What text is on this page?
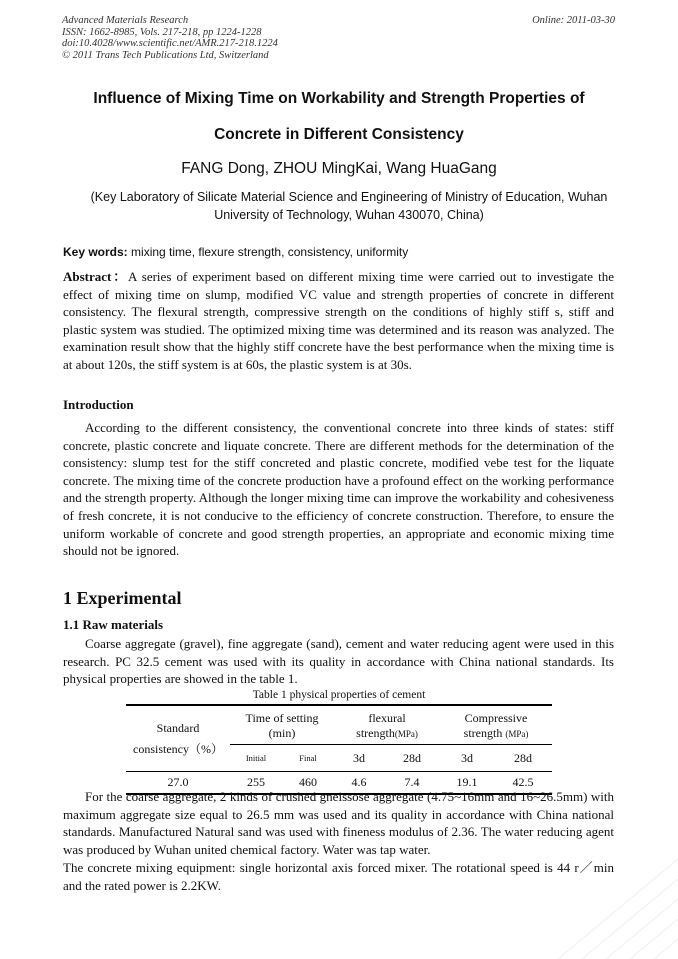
Advanced Materials Research
ISSN: 1662-8985, Vols. 217-218, pp 1224-1228
doi:10.4028/www.scientific.net/AMR.217-218.1224
© 2011 Trans Tech Publications Ltd, Switzerland
Online: 2011-03-30
Influence of Mixing Time on Workability and Strength Properties of
Concrete in Different Consistency
FANG Dong, ZHOU MingKai, Wang HuaGang
(Key Laboratory of Silicate Material Science and Engineering of Ministry of Education, Wuhan
University of Technology, Wuhan 430070, China)
Key words: mixing time, flexure strength, consistency, uniformity
Abstract：A series of experiment based on different mixing time were carried out to investigate the effect of mixing time on slump, modified VC value and strength properties of concrete in different consistency. The flexural strength, compressive strength on the conditions of highly stiff s, stiff and plastic system was studied. The optimized mixing time was determined and its reason was analyzed. The examination result show that the highly stiff concrete have the best performance when the mixing time is at about 120s, the stiff system is at 60s, the plastic system is at 30s.
Introduction
According to the different consistency, the conventional concrete into three kinds of states: stiff concrete, plastic concrete and liquate concrete. There are different methods for the determination of the consistency: slump test for the stiff concreted and plastic concrete, modified vebe test for the liquate concrete. The mixing time of the concrete production have a profound effect on the working performance and the strength property. Although the longer mixing time can improve the workability and cohesiveness of fresh concrete, it is not conducive to the efficiency of concrete construction. Therefore, to ensure the uniform workable of concrete and good strength properties, an appropriate and economic mixing time should not be ignored.
1 Experimental
1.1 Raw materials
Coarse aggregate (gravel), fine aggregate (sand), cement and water reducing agent were used in this research. PC 32.5 cement was used with its quality in accordance with China national standards. Its physical properties are showed in the table 1.
Table 1 physical properties of cement
Standard
consistency（%）	Time of setting		flexural		Compressive	
	(min)		strength(MPa)		strength (MPa)	
	Initial	Final	3d	28d	3d	28d
27.0	255	460	4.6	7.4	19.1	42.5
For the coarse aggregate, 2 kinds of crushed gneissose aggregate (4.75~16mm and 16~26.5mm) with maximum aggregate size equal to 26.5 mm was used and its quality in accordance with China national standards. Manufactured Natural sand was used with fineness modulus of 2.36. The water reducing agent was produced by Wuhan united chemical factory. Water was tap water.
The concrete mixing equipment: single horizontal axis forced mixer. The rotational speed is 44 r／min and the rated power is 2.2KW.
